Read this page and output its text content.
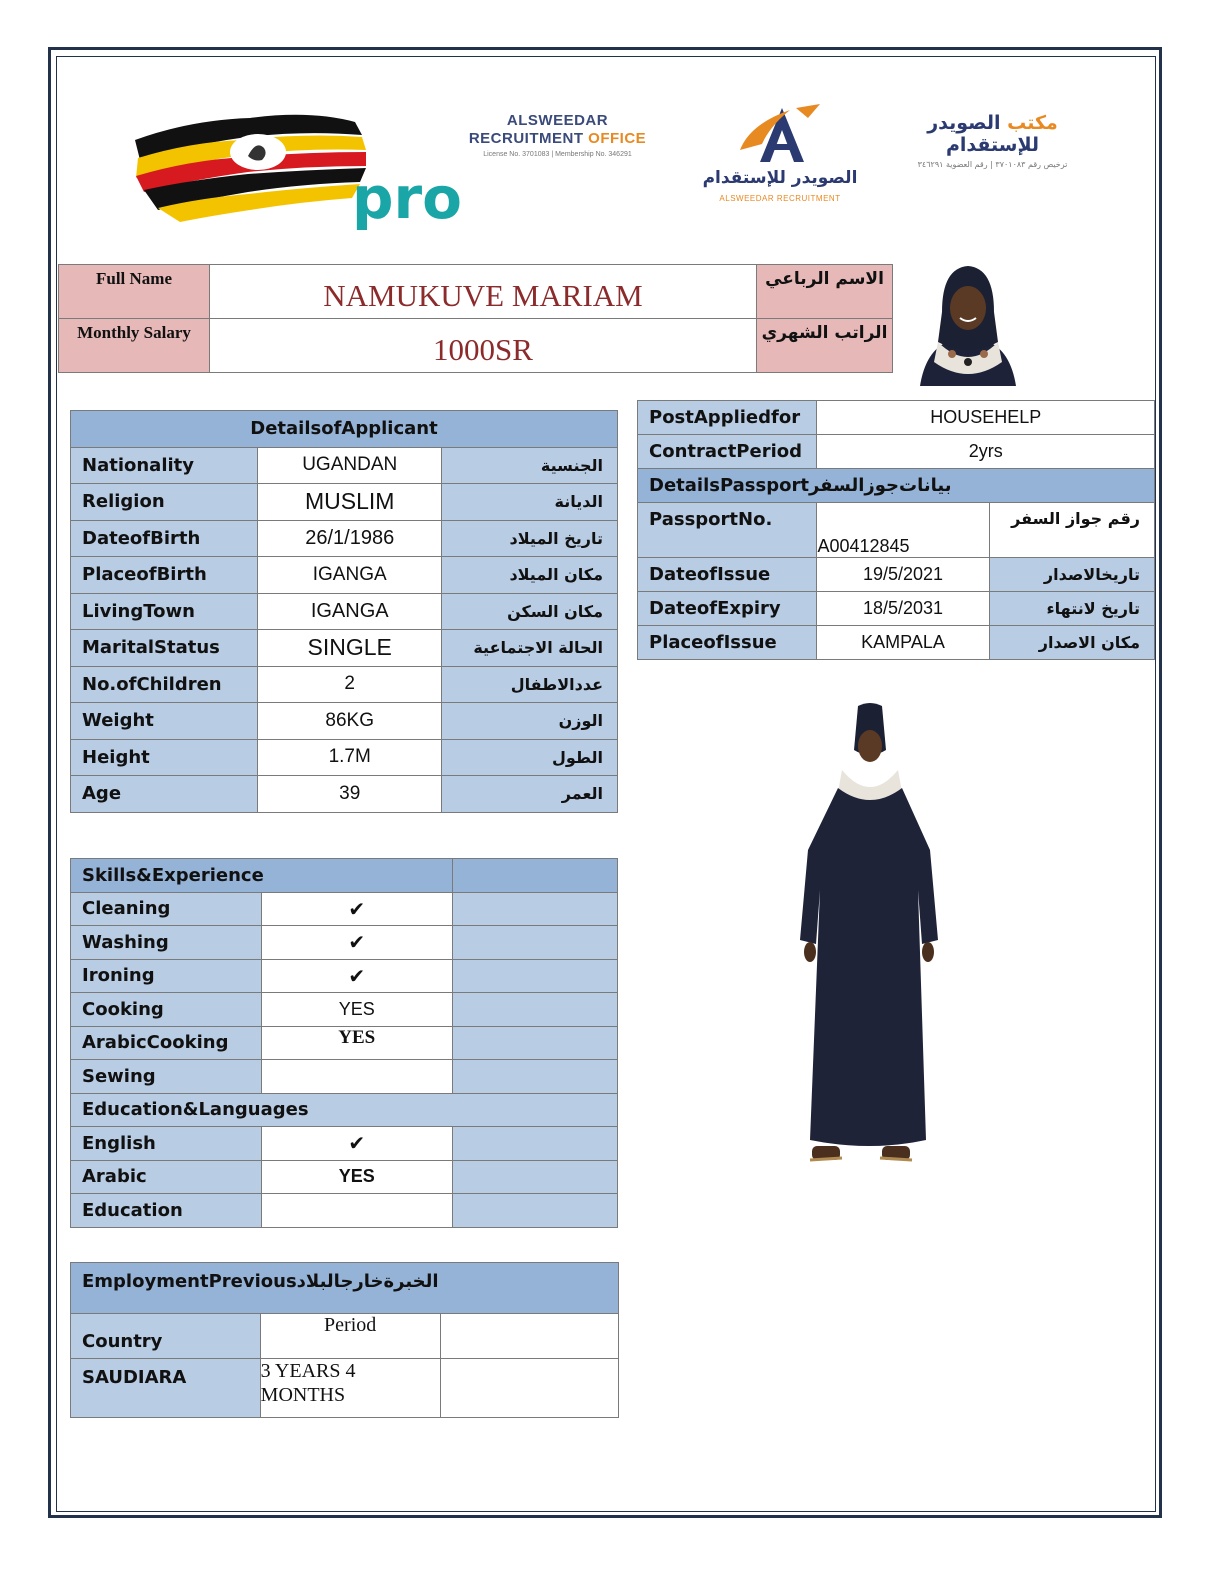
pro
ALSWEEDAR
RECRUITMENT OFFICE
License No. 3701083 | Membership No. 346291
الصويدر للإستقدام
ALSWEEDAR RECRUITMENT
مكتب الصويدر للإستقدام
ترخيص رقم ٣٧٠١٠٨٣ | رقم العضوية ٣٤٦٢٩١
Full Name	NAMUKUVE MARIAM	الاسم الرباعي
Monthly Salary	1000SR	الراتب الشهري
DetailsofApplicant		
Nationality	UGANDAN	الجنسية
Religion	MUSLIM	الديانة
DateofBirth	26/1/1986	تاريخ الميلاد
PlaceofBirth	IGANGA	مكان الميلاد
LivingTown	IGANGA	مكان السكن
MaritalStatus	SINGLE	الحالة الاجتماعية
No.ofChildren	2	عددالاطفال
Weight	86KG	الوزن
Height	1.7M	الطول
Age	39	العمر
PostAppliedfor	HOUSEHELP	
ContractPeriod	2yrs	
DetailsPassportبيانات‌جوزالسفر		
PassportNo.	A00412845	رقم جواز السفر
DateofIssue	19/5/2021	تاريخالاصدار
DateofExpiry	18/5/2031	تاريخ لانتهاء
PlaceofIssue	KAMPALA	مكان الاصدار
Skills&Experience		
Cleaning	✔	
Washing	✔	
Ironing	✔	
Cooking	YES	
ArabicCooking	YES	
Sewing		
Education&Languages		
English	✔	
Arabic	YES	
Education		
EmploymentPreviousالخبرةخارجالبلاد		
Country	Period	
SAUDIARA	3 YEARS 4 MONTHS	
